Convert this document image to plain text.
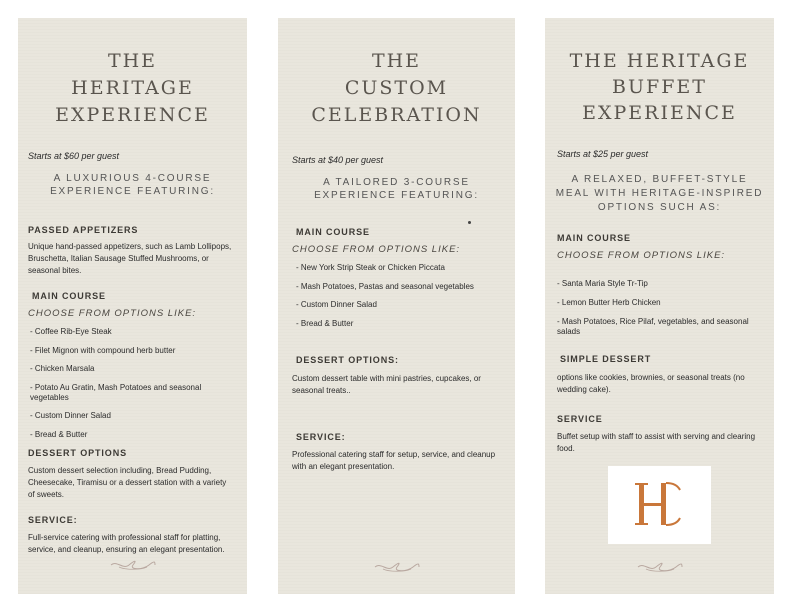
THE
HERITAGE
EXPERIENCE
Starts at $60 per guest
A LUXURIOUS 4-COURSE
EXPERIENCE FEATURING:
PASSED APPETIZERS
Unique hand-passed appetizers, such as Lamb Lollipops, Bruschetta, Italian Sausage Stuffed Mushrooms, or seasonal bites.
MAIN COURSE
CHOOSE FROM OPTIONS LIKE:
- Coffee Rib-Eye Steak
- Filet Mignon with compound herb butter
- Chicken Marsala
- Potato Au Gratin, Mash Potatoes and seasonal vegetables
- Custom Dinner Salad
- Bread & Butter
DESSERT OPTIONS
Custom dessert selection including, Bread Pudding, Cheesecake, Tiramisu or a dessert station with a variety of sweets.
SERVICE:
Full-service catering with professional staff for platting, service, and cleanup, ensuring an elegant presentation.
THE
CUSTOM
CELEBRATION
Starts at $40 per guest
A TAILORED 3-COURSE
EXPERIENCE FEATURING:
MAIN COURSE
CHOOSE FROM OPTIONS LIKE:
- New York Strip Steak or Chicken Piccata
- Mash Potatoes, Pastas and seasonal vegetables
- Custom Dinner Salad
- Bread & Butter
DESSERT OPTIONS:
Custom dessert table with mini pastries, cupcakes, or seasonal treats..
SERVICE:
Professional catering staff for setup, service, and cleanup with an elegant presentation.
THE HERITAGE
BUFFET
EXPERIENCE
Starts at $25 per guest
A RELAXED, BUFFET-STYLE
MEAL WITH HERITAGE-INSPIRED
OPTIONS SUCH AS:
MAIN COURSE
CHOOSE FROM OPTIONS LIKE:
- Santa Maria Style Tr-Tip
- Lemon Butter Herb Chicken
- Mash Potatoes, Rice Pilaf, vegetables, and seasonal salads
SIMPLE DESSERT
options like cookies, brownies, or seasonal treats (no wedding cake).
SERVICE
Buffet setup with staff to assist with serving and clearing food.
